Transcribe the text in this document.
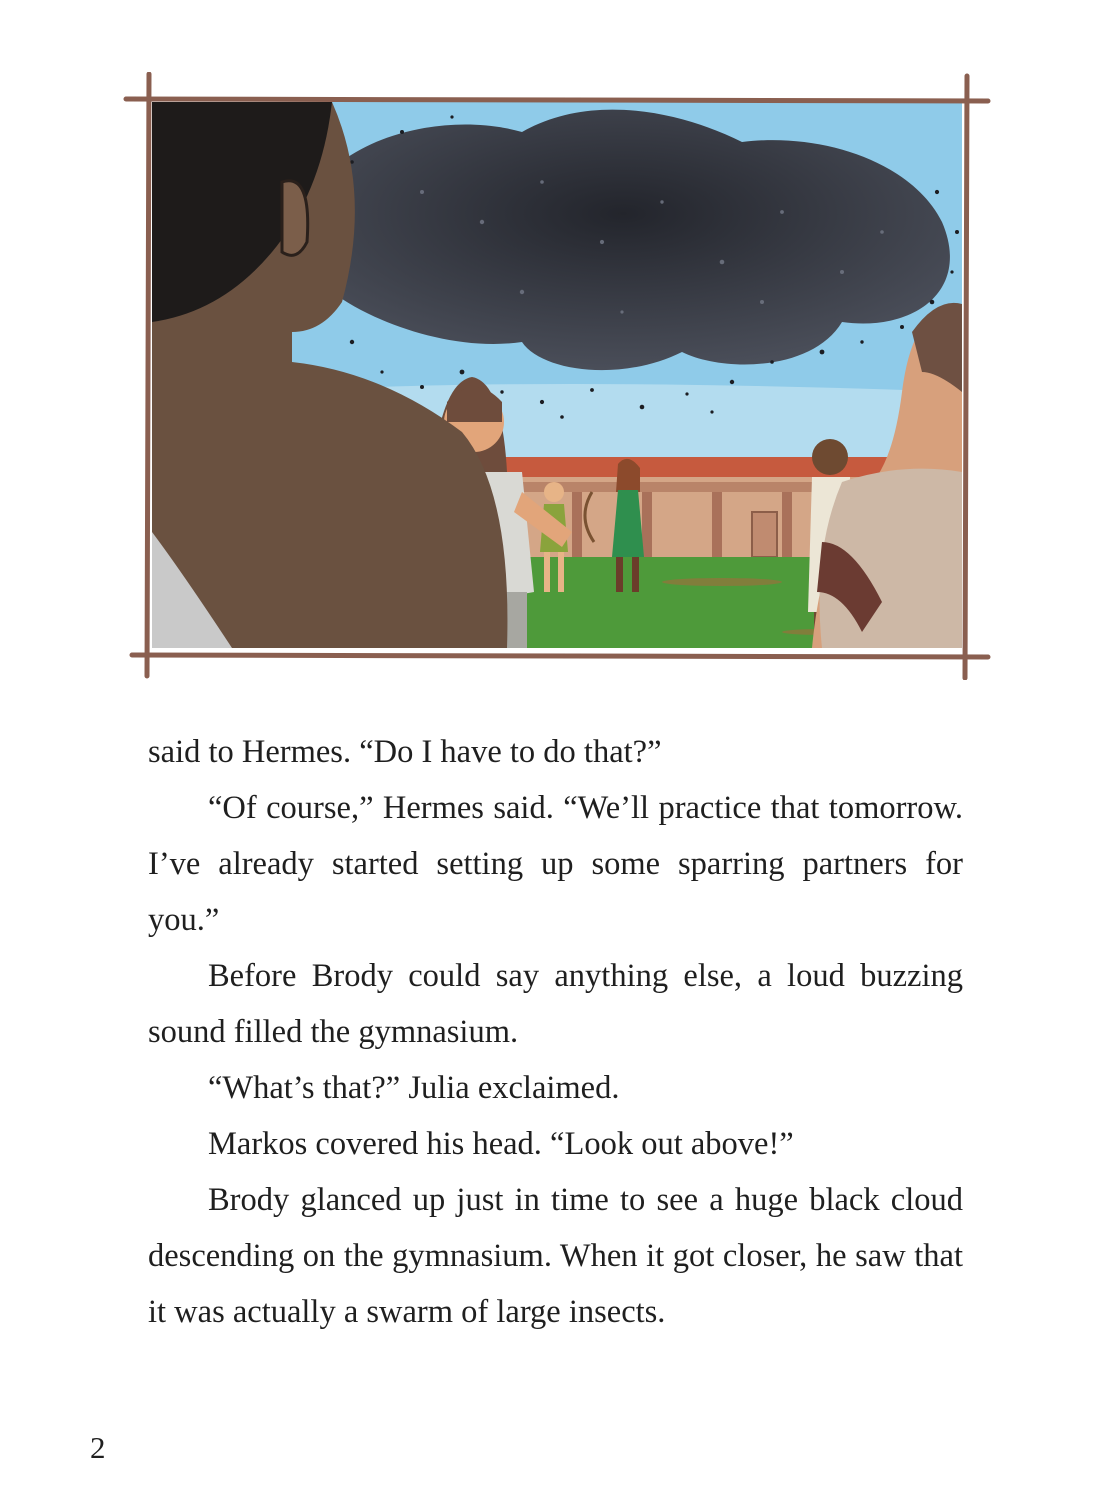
said to Hermes. “Do I have to do that?”

“Of course,” Hermes said. “We’ll practice that tomorrow. I’ve already started setting up some sparring partners for you.”

Before Brody could say anything else, a loud buzzing sound filled the gymnasium.

“What’s that?” Julia exclaimed.

Markos covered his head. “Look out above!”

Brody glanced up just in time to see a huge black cloud descending on the gymnasium. When it got closer, he saw that it was actually a swarm of large insects.

2
